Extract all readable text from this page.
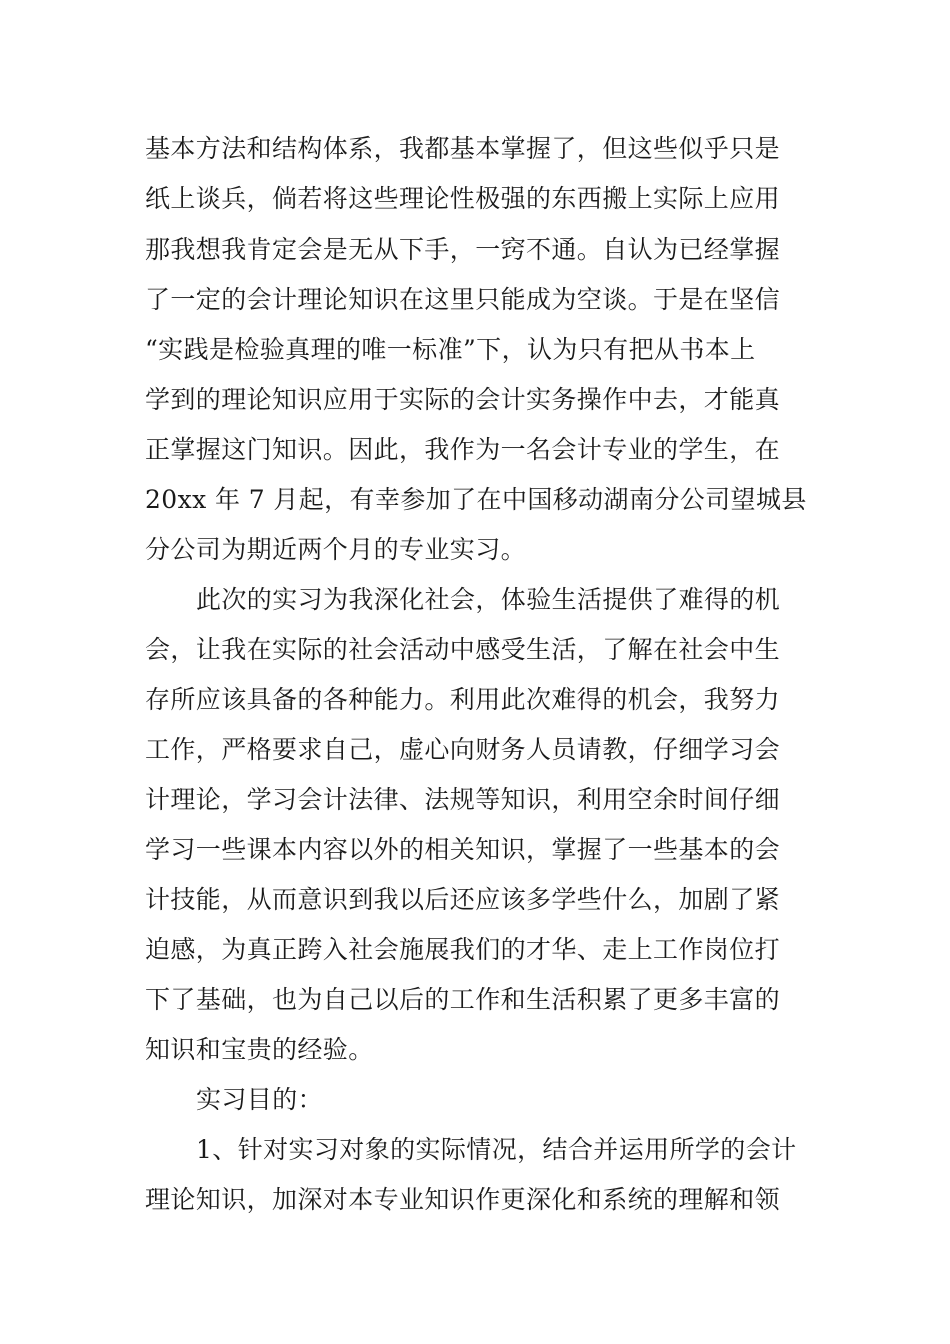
基本方法和结构体系，我都基本掌握了，但这些似乎只是
纸上谈兵，倘若将这些理论性极强的东西搬上实际上应用
那我想我肯定会是无从下手，一窍不通。自认为已经掌握
了一定的会计理论知识在这里只能成为空谈。于是在坚信
“实践是检验真理的唯一标准”下，认为只有把从书本上
学到的理论知识应用于实际的会计实务操作中去，才能真
正掌握这门知识。因此，我作为一名会计专业的学生，在
20xx 年 7 月起，有幸参加了在中国移动湖南分公司望城县
分公司为期近两个月的专业实习。
此次的实习为我深化社会，体验生活提供了难得的机
会，让我在实际的社会活动中感受生活，了解在社会中生
存所应该具备的各种能力。利用此次难得的机会，我努力
工作，严格要求自己，虚心向财务人员请教，仔细学习会
计理论，学习会计法律、法规等知识，利用空余时间仔细
学习一些课本内容以外的相关知识，掌握了一些基本的会
计技能，从而意识到我以后还应该多学些什么，加剧了紧
迫感，为真正跨入社会施展我们的才华、走上工作岗位打
下了基础，也为自己以后的工作和生活积累了更多丰富的
知识和宝贵的经验。
实习目的：
1、针对实习对象的实际情况，结合并运用所学的会计
理论知识，加深对本专业知识作更深化和系统的理解和领
